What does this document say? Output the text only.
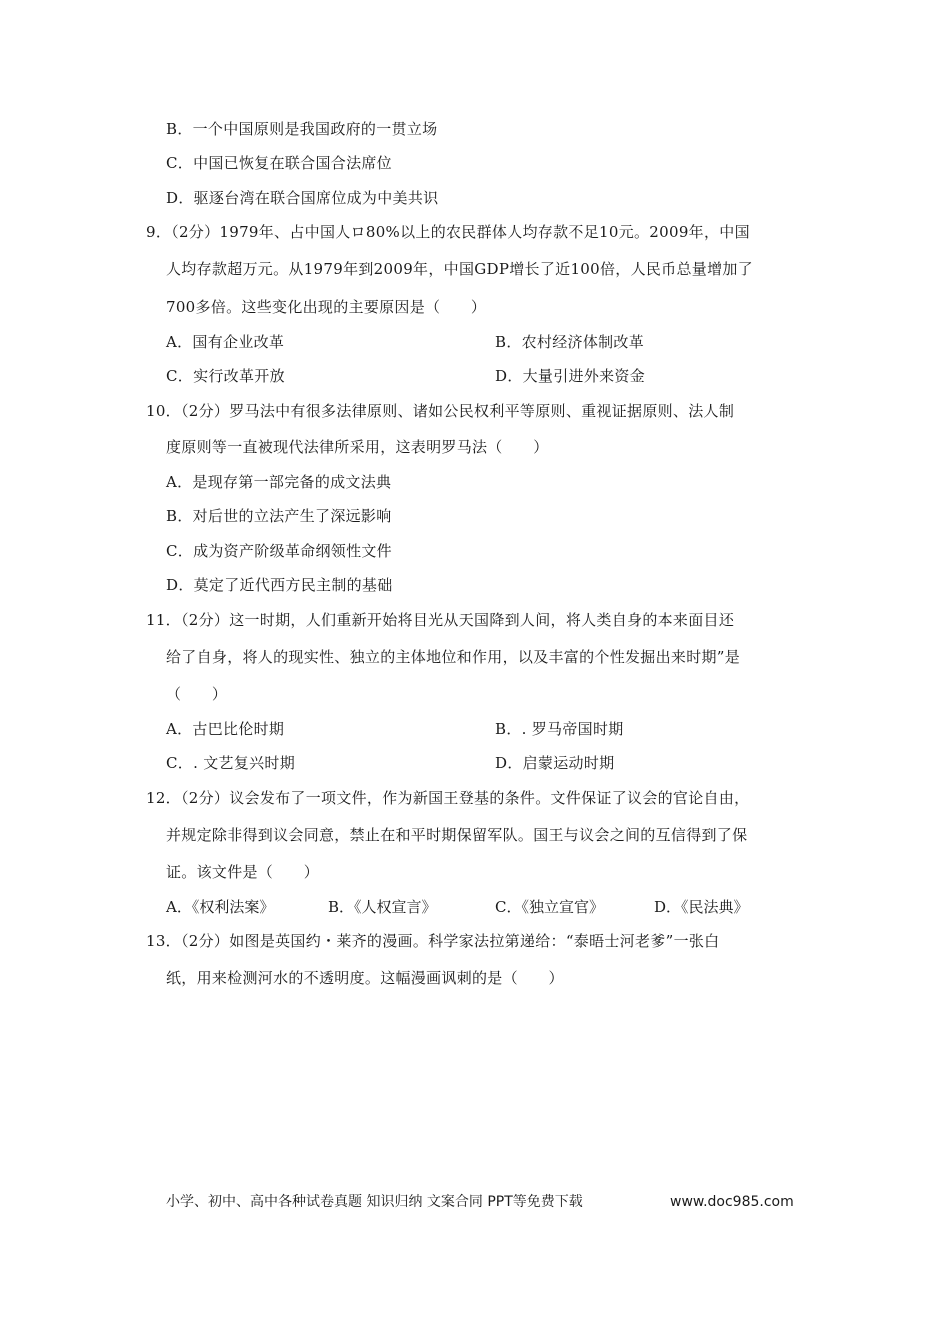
B．一个中国原则是我国政府的一贯立场
C．中国已恢复在联合国合法席位
D．驱逐台湾在联合国席位成为中美共识
9．（2分）1979年、占中国人ロ80%以上的农民群体人均存款不足10元。2009年，中国
人均存款超万元。从1979年到2009年，中国GDP增长了近100倍，人民币总量增加了
700多倍。这些变化出现的主要原因是（　　）
A．国有企业改革	B．农村经济体制改革
C．实行改革开放	D．大量引进外来资金
10．（2分）罗马法中有很多法律原则、诸如公民权利平等原则、重视证据原则、法人制
度原则等一直被现代法律所采用，这表明罗马法（　　）
A．是现存第一部完备的成文法典
B．对后世的立法产生了深远影响
C．成为资产阶级革命纲领性文件
D．莫定了近代西方民主制的基础
11．（2分）这一时期，人们重新开始将目光从天国降到人间，将人类自身的本来面目还
给了自身，将人的现实性、独立的主体地位和作用，以及丰富的个性发掘出来时期”是
（　　）
A．古巴比伦时期	B．. 罗马帝国时期
C．. 文艺复兴时期	D．启蒙运动时期
12．（2分）议会发布了一项文件，作为新国王登基的条件。文件保证了议会的官论自由，
并规定除非得到议会同意，禁止在和平时期保留军队。国王与议会之间的互信得到了保
证。该文件是（　　）
A．《权利法案》	B．《人权宣言》	C．《独立宣官》	D．《民法典》
13．（2分）如图是英国约・莱齐的漫画。科学家法拉第递给：“泰晤士河老爹”一张白
纸，用来检测河水的不透明度。这幅漫画讽刺的是（　　）
小学、初中、高中各种试卷真题 知识归纳 文案合同 PPT等免费下载	www.doc985.com
